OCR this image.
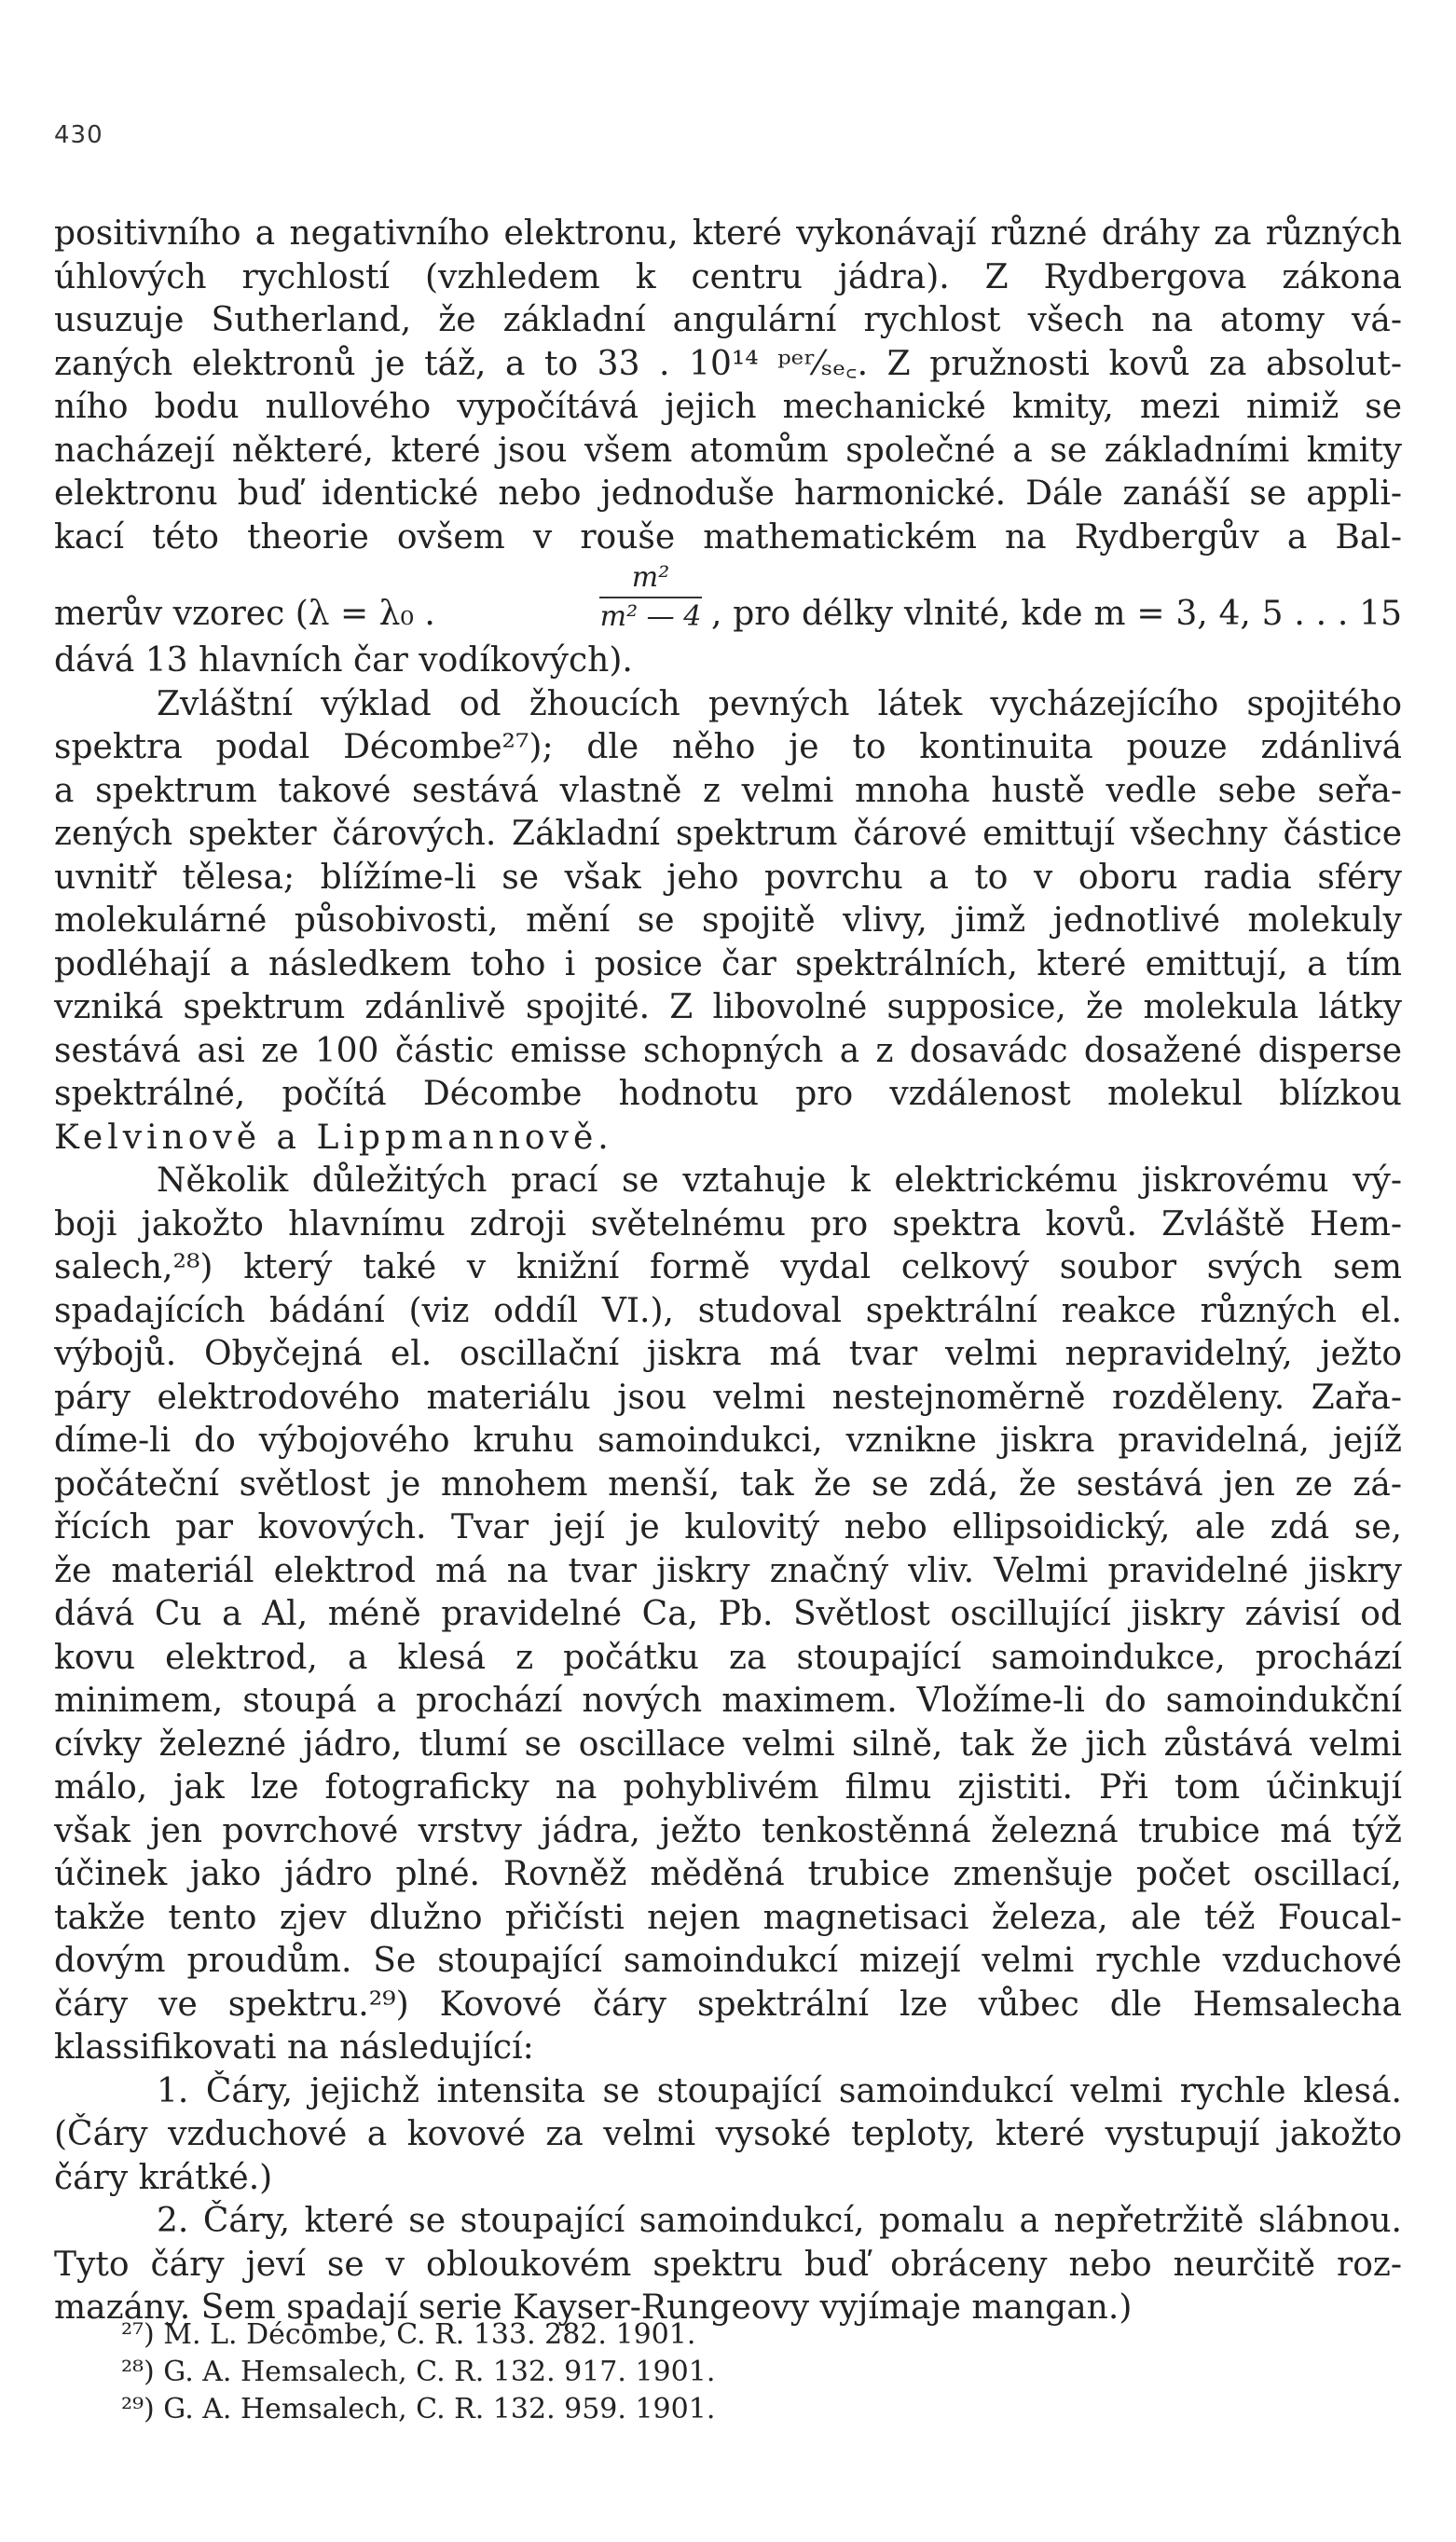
430
positivního a negativního elektronu, které vykonávají různé dráhy za různých
úhlových rychlostí (vzhledem k centru jádra). Z Rydbergova zákona
usuzuje Sutherland, že základní angulární rychlost všech na atomy vá-
zaných elektronů je táž, a to 33 . 10¹⁴ ᵖᵉʳ⁄ₛₑ꜀. Z pružnosti kovů za absolut-
ního bodu nullového vypočítává jejich mechanické kmity, mezi nimiž se
nacházejí některé, které jsou všem atomům společné a se základními kmity
elektronu buď identické nebo jednoduše harmonické. Dále zanáší se appli-
kací této theorie ovšem v rouše mathematickém na Rydbergův a Bal-
merův vzorec (λ = λ₀ .
m²
m² — 4 , pro délky vlnité, kde m = 3, 4, 5 . . . 15
dává 13 hlavních čar vodíkových).
Zvláštní výklad od žhoucích pevných látek vycházejícího spojitého
spektra podal Décombe²⁷); dle něho je to kontinuita pouze zdánlivá
a spektrum takové sestává vlastně z velmi mnoha hustě vedle sebe seřa-
zených spekter čárových. Základní spektrum čárové emittují všechny částice
uvnitř tělesa; blížíme-li se však jeho povrchu a to v oboru radia sféry
molekulárné působivosti, mění se spojitě vlivy, jimž jednotlivé molekuly
podléhají a následkem toho i posice čar spektrálních, které emittují, a tím
vzniká spektrum zdánlivě spojité. Z libovolné supposice, že molekula látky
sestává asi ze 100 částic emisse schopných a z dosavádc dosažené disperse
spektrálné, počítá Décombe hodnotu pro vzdálenost molekul blízkou
Kelvinově a Lippmannově.
Několik důležitých prací se vztahuje k elektrickému jiskrovému vý-
boji jakožto hlavnímu zdroji světelnému pro spektra kovů. Zvláště Hem-
salech,²⁸) který také v knižní formě vydal celkový soubor svých sem
spadajících bádání (viz oddíl VI.), studoval spektrální reakce různých el.
výbojů. Obyčejná el. oscillační jiskra má tvar velmi nepravidelný, ježto
páry elektrodového materiálu jsou velmi nestejnoměrně rozděleny. Zařa-
díme-li do výbojového kruhu samoindukci, vznikne jiskra pravidelná, jejíž
počáteční světlost je mnohem menší, tak že se zdá, že sestává jen ze zá-
řících par kovových. Tvar její je kulovitý nebo ellipsoidický, ale zdá se,
že materiál elektrod má na tvar jiskry značný vliv. Velmi pravidelné jiskry
dává Cu a Al, méně pravidelné Ca, Pb. Světlost oscillující jiskry závisí od
kovu elektrod, a klesá z počátku za stoupající samoindukce, prochází
minimem, stoupá a prochází nových maximem. Vložíme-li do samoindukční
cívky železné jádro, tlumí se oscillace velmi silně, tak že jich zůstává velmi
málo, jak lze fotograficky na pohyblivém filmu zjistiti. Při tom účinkují
však jen povrchové vrstvy jádra, ježto tenkostěnná železná trubice má týž
účinek jako jádro plné. Rovněž měděná trubice zmenšuje počet oscillací,
takže tento zjev dlužno přičísti nejen magnetisaci železa, ale též Foucal-
dovým proudům. Se stoupající samoindukcí mizejí velmi rychle vzduchové
čáry ve spektru.²⁹) Kovové čáry spektrální lze vůbec dle Hemsalecha
klassifikovati na následující:
1. Čáry, jejichž intensita se stoupající samoindukcí velmi rychle klesá.
(Čáry vzduchové a kovové za velmi vysoké teploty, které vystupují jakožto
čáry krátké.)
2. Čáry, které se stoupající samoindukcí, pomalu a nepřetržitě slábnou.
Tyto čáry jeví se v obloukovém spektru buď obráceny nebo neurčitě roz-
mazány. Sem spadají serie Kayser-Rungeovy vyjímaje mangan.)
²⁷) M. L. Décombe, C. R. 133. 282. 1901.
²⁸) G. A. Hemsalech, C. R. 132. 917. 1901.
²⁹) G. A. Hemsalech, C. R. 132. 959. 1901.
